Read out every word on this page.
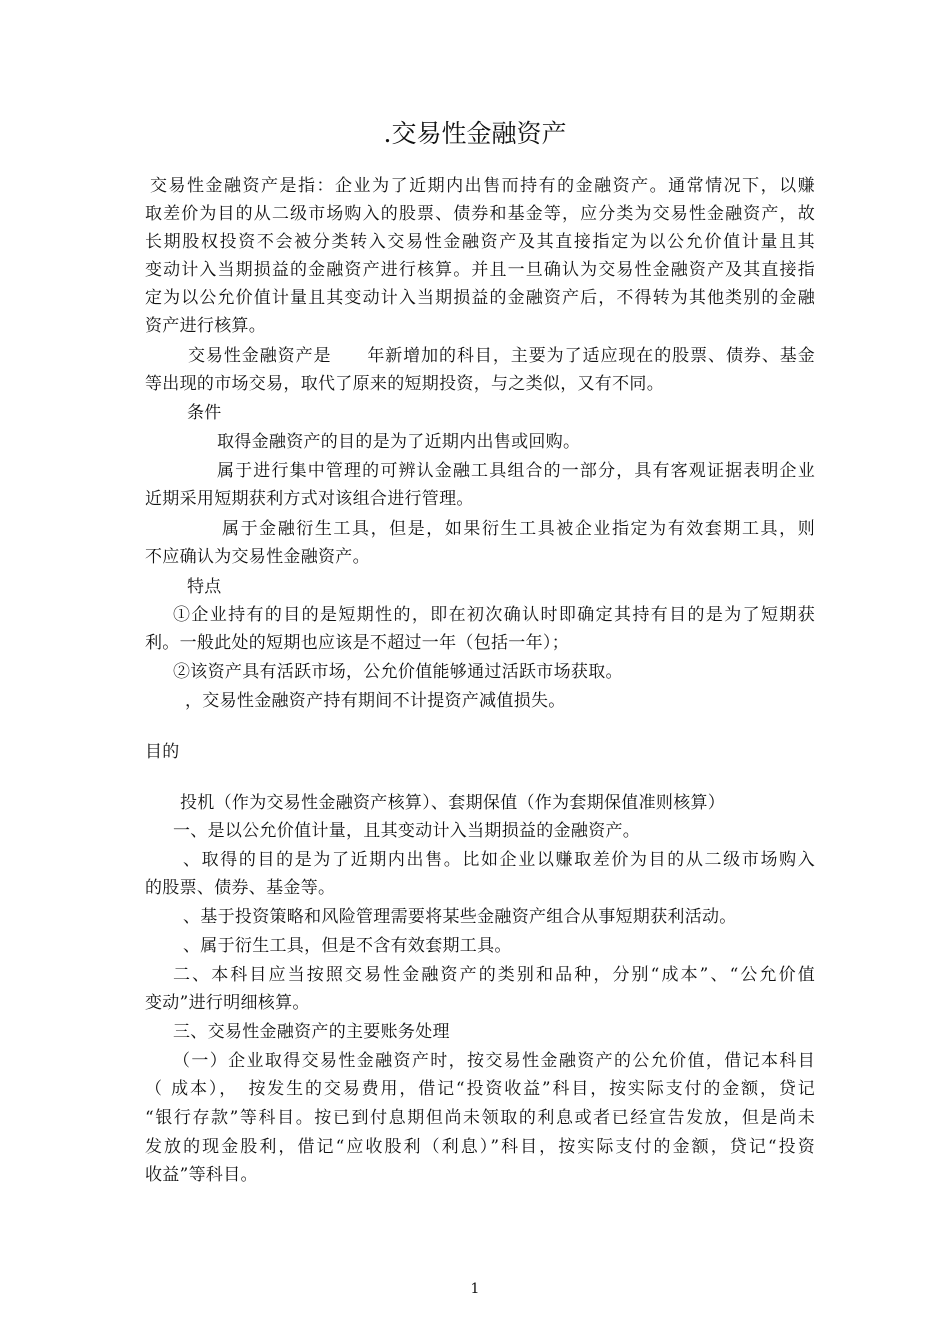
.交易性金融资产
交易性金融资产是指：企业为了近期内出售而持有的金融资产。通常情况下，以赚
取差价为目的从二级市场购入的股票、债券和基金等，应分类为交易性金融资产，故
长期股权投资不会被分类转入交易性金融资产及其直接指定为以公允价值计量且其
变动计入当期损益的金融资产进行核算。并且一旦确认为交易性金融资产及其直接指
定为以公允价值计量且其变动计入当期损益的金融资产后，不得转为其他类别的金融
资产进行核算。
交易性金融资产是　　年新增加的科目，主要为了适应现在的股票、债券、基金
等出现的市场交易，取代了原来的短期投资，与之类似，又有不同。
条件
取得金融资产的目的是为了近期内出售或回购。
属于进行集中管理的可辨认金融工具组合的一部分，具有客观证据表明企业
近期采用短期获利方式对该组合进行管理。
属于金融衍生工具，但是，如果衍生工具被企业指定为有效套期工具，则
不应确认为交易性金融资产。
特点
①企业持有的目的是短期性的，即在初次确认时即确定其持有目的是为了短期获
利。一般此处的短期也应该是不超过一年（包括一年）；
②该资产具有活跃市场，公允价值能够通过活跃市场获取。
，交易性金融资产持有期间不计提资产减值损失。
目的
投机（作为交易性金融资产核算）、套期保值（作为套期保值准则核算）
一、是以公允价值计量，且其变动计入当期损益的金融资产。
、取得的目的是为了近期内出售。比如企业以赚取差价为目的从二级市场购入
的股票、债券、基金等。
、基于投资策略和风险管理需要将某些金融资产组合从事短期获利活动。
、属于衍生工具，但是不含有效套期工具。
二、本科目应当按照交易性金融资产的类别和品种，分别“成本”、“公允价值
变动”进行明细核算。
三、交易性金融资产的主要账务处理
（一）企业取得交易性金融资产时，按交易性金融资产的公允价值，借记本科目
（ 成本），　按发生的交易费用，借记“投资收益”科目，按实际支付的金额，贷记
“银行存款”等科目。按已到付息期但尚未领取的利息或者已经宣告发放，但是尚未
发放的现金股利，借记“应收股利（利息）”科目，按实际支付的金额，贷记“投资
收益”等科目。
1
